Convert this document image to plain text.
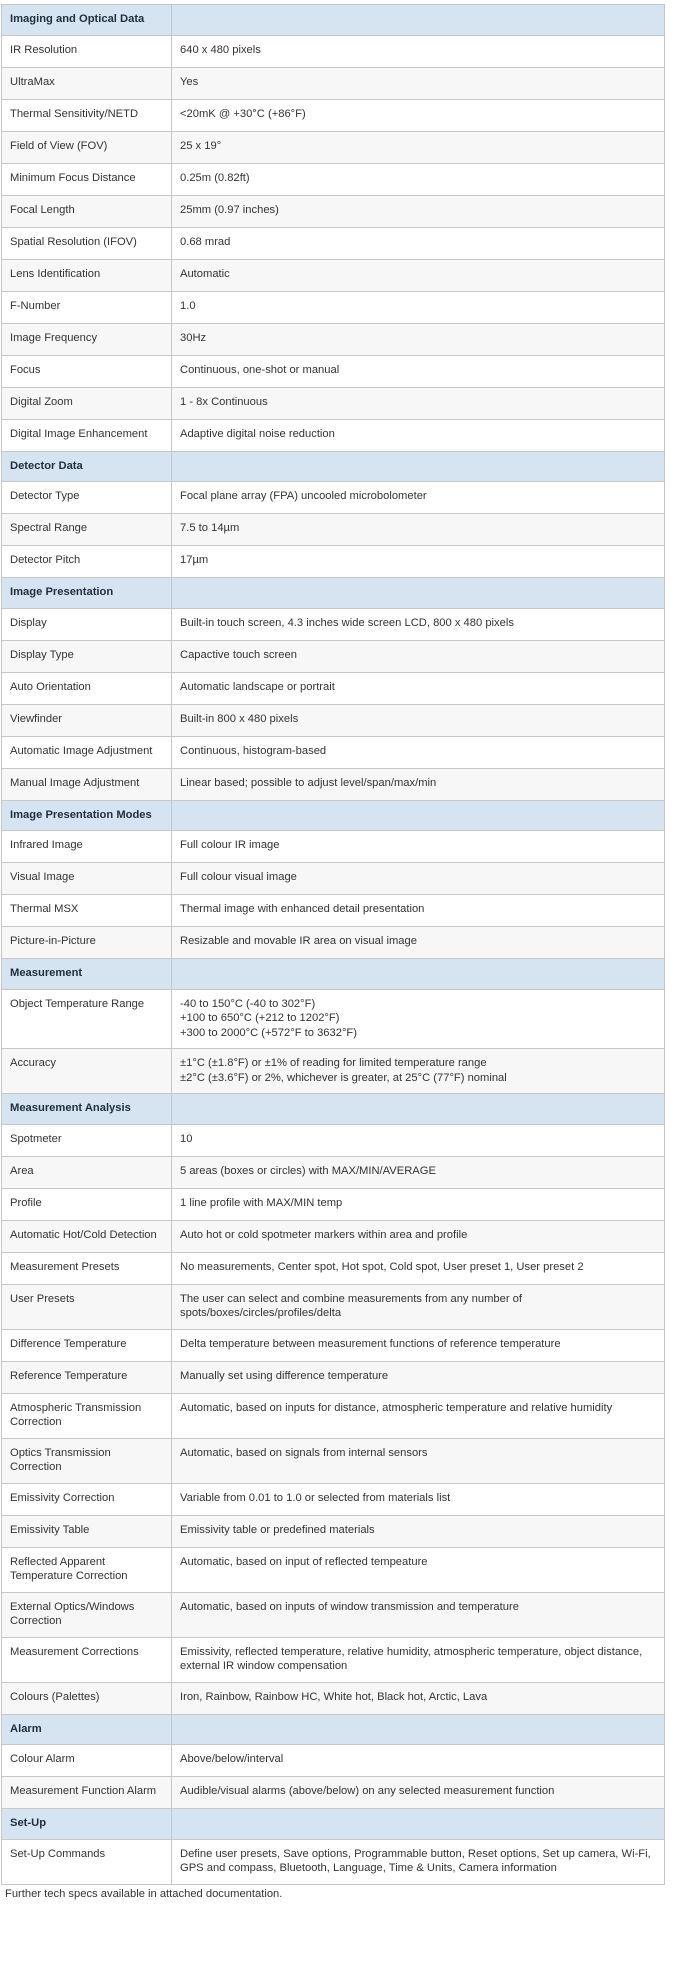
Imaging and Optical Data	
IR Resolution	640 x 480 pixels

UltraMax	Yes

Thermal Sensitivity/NETD	<20mK @ +30°C (+86°F)

Field of View (FOV)	25 x 19°

Minimum Focus Distance	0.25m (0.82ft)

Focal Length	25mm (0.97 inches)

Spatial Resolution (IFOV)	0.68 mrad

Lens Identification	Automatic

F-Number	1.0

Image Frequency	30Hz

Focus	Continuous, one-shot or manual

Digital Zoom	1 - 8x Continuous

Digital Image Enhancement	Adaptive digital noise reduction

Detector Data	
Detector Type	Focal plane array (FPA) uncooled microbolometer

Spectral Range	7.5 to 14µm

Detector Pitch	17µm

Image Presentation	
Display	Built-in touch screen, 4.3 inches wide screen LCD, 800 x 480 pixels

Display Type	Capactive touch screen

Auto Orientation	Automatic landscape or portrait

Viewfinder	Built-in 800 x 480 pixels

Automatic Image Adjustment	Continuous, histogram-based

Manual Image Adjustment	Linear based; possible to adjust level/span/max/min

Image Presentation Modes	
Infrared Image	Full colour IR image

Visual Image	Full colour visual image

Thermal MSX	Thermal image with enhanced detail presentation

Picture-in-Picture	Resizable and movable IR area on visual image

Measurement	
Object Temperature Range	-40 to 150°C (-40 to 302°F)
+100 to 650°C (+212 to 1202°F)
+300 to 2000°C (+572°F to 3632°F)

Accuracy	±1°C (±1.8°F) or ±1% of reading for limited temperature range
±2°C (±3.6°F) or 2%, whichever is greater, at 25°C (77°F) nominal

Measurement Analysis	
Spotmeter	10

Area	5 areas (boxes or circles) with MAX/MIN/AVERAGE

Profile	1 line profile with MAX/MIN temp

Automatic Hot/Cold Detection	Auto hot or cold spotmeter markers within area and profile

Measurement Presets	No measurements, Center spot, Hot spot, Cold spot, User preset 1, User preset 2

User Presets	The user can select and combine measurements from any number of spots/boxes/circles/profiles/delta

Difference Temperature	Delta temperature between measurement functions of reference temperature

Reference Temperature	Manually set using difference temperature

Atmospheric Transmission Correction	Automatic, based on inputs for distance, atmospheric temperature and relative humidity

Optics Transmission Correction	Automatic, based on signals from internal sensors

Emissivity Correction	Variable from 0.01 to 1.0 or selected from materials list

Emissivity Table	Emissivity table or predefined materials

Reflected Apparent Temperature Correction	Automatic, based on input of reflected tempeature

External Optics/Windows Correction	Automatic, based on inputs of window transmission and temperature

Measurement Corrections	Emissivity, reflected temperature, relative humidity, atmospheric temperature, object distance, external IR window compensation

Colours (Palettes)	Iron, Rainbow, Rainbow HC, White hot, Black hot, Arctic, Lava

Alarm	
Colour Alarm	Above/below/interval

Measurement Function Alarm	Audible/visual alarms (above/below) on any selected measurement function

Set-Up	
Set-Up Commands	Define user presets, Save options, Programmable button, Reset options, Set up camera, Wi-Fi, GPS and compass, Bluetooth, Language, Time & Units, Camera information
Further tech specs available in attached documentation.
